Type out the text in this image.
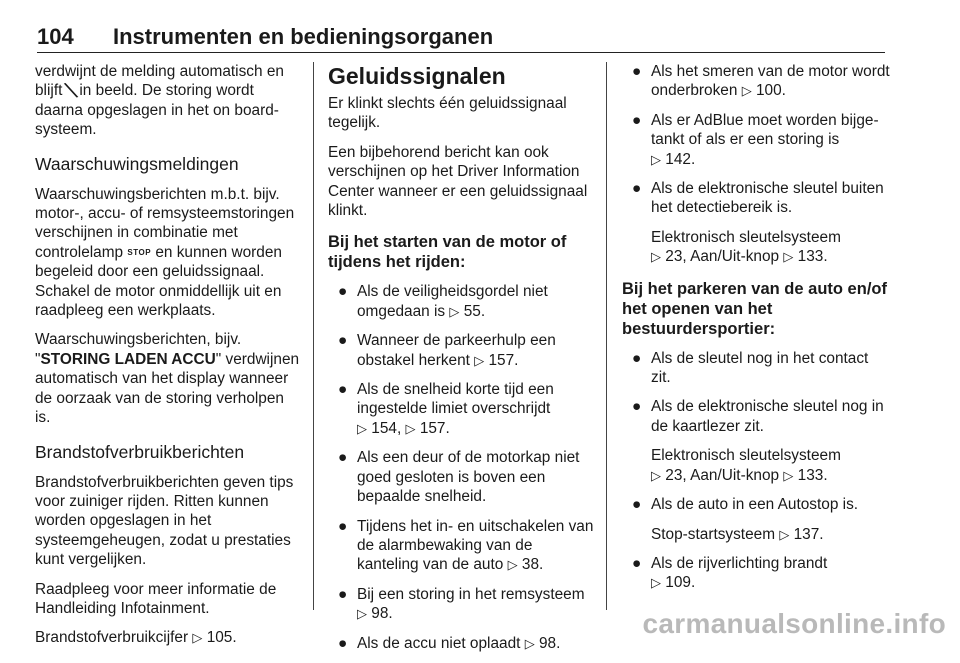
104 Instrumenten en bedieningsorganen

verdwijnt de melding automatisch en blijft ╲ in beeld. De storing wordt daarna opgeslagen in het on board-systeem.

Waarschuwingsmeldingen

Waarschuwingsberichten m.b.t. bijv. motor-, accu- of remsysteemstoringen verschijnen in combinatie met controlelamp STOP en kunnen worden begeleid door een geluidssignaal. Schakel de motor onmiddellijk uit en raadpleeg een werkplaats.

Waarschuwingsberichten, bijv. "STORING LADEN ACCU" verdwijnen automatisch van het display wanneer de oorzaak van de storing verholpen is.

Brandstofverbruikberichten

Brandstofverbruikberichten geven tips voor zuiniger rijden. Ritten kunnen worden opgeslagen in het systeemgeheugen, zodat u prestaties kunt vergelijken.

Raadpleeg voor meer informatie de Handleiding Infotainment.

Brandstofverbruikcijfer ▷ 105.

Geluidssignalen

Er klinkt slechts één geluidssignaal tegelijk.

Een bijbehorend bericht kan ook verschijnen op het Driver Information Center wanneer er een geluidssignaal klinkt.

Bij het starten van de motor of tijdens het rijden:
● Als de veiligheidsgordel niet omgedaan is ▷ 55.
● Wanneer de parkeerhulp een obstakel herkent ▷ 157.
● Als de snelheid korte tijd een ingestelde limiet overschrijdt
▷ 154, ▷ 157.
● Als een deur of de motorkap niet goed gesloten is boven een bepaalde snelheid.
● Tijdens het in- en uitschakelen van de alarmbewaking van de kanteling van de auto ▷ 38.
● Bij een storing in het remsysteem
▷ 98.
● Als de accu niet oplaadt ▷ 98.
● Als het smeren van de motor wordt onderbroken ▷ 100.
● Als er AdBlue moet worden bijgetankt of als er een storing is
▷ 142.
● Als de elektronische sleutel buiten het detectiebereik is.
Elektronisch sleutelsysteem
▷ 23, Aan/Uit-knop ▷ 133.
Bij het parkeren van de auto en/of het openen van het bestuurdersportier:
● Als de sleutel nog in het contact zit.
● Als de elektronische sleutel nog in de kaartlezer zit.
Elektronisch sleutelsysteem
▷ 23, Aan/Uit-knop ▷ 133.
● Als de auto in een Autostop is.
Stop-startsysteem ▷ 137.
● Als de rijverlichting brandt
▷ 109.
carmanualsonline.info
